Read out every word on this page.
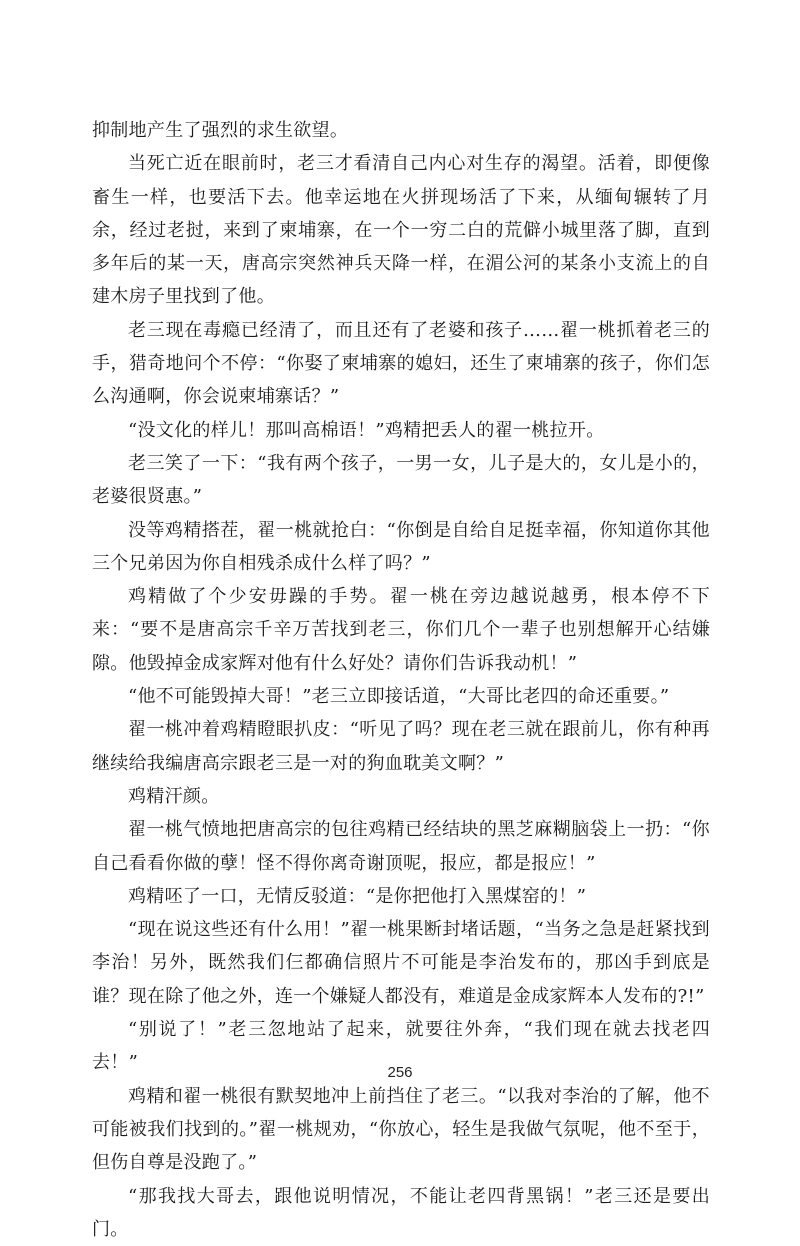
抑制地产生了强烈的求生欲望。

当死亡近在眼前时，老三才看清自己内心对生存的渴望。活着，即便像畜生一样，也要活下去。他幸运地在火拼现场活了下来，从缅甸辗转了月余，经过老挝，来到了柬埔寨，在一个一穷二白的荒僻小城里落了脚，直到多年后的某一天，唐高宗突然神兵天降一样，在湄公河的某条小支流上的自建木房子里找到了他。

老三现在毒瘾已经清了，而且还有了老婆和孩子……翟一桃抓着老三的手，猎奇地问个不停：“你娶了柬埔寨的媳妇，还生了柬埔寨的孩子，你们怎么沟通啊，你会说柬埔寨话？”

“没文化的样儿！那叫高棉语！”鸡精把丢人的翟一桃拉开。

老三笑了一下：“我有两个孩子，一男一女，儿子是大的，女儿是小的，老婆很贤惠。”

没等鸡精搭茬，翟一桃就抢白：“你倒是自给自足挺幸福，你知道你其他三个兄弟因为你自相残杀成什么样了吗？”

鸡精做了个少安毋躁的手势。翟一桃在旁边越说越勇，根本停不下来：“要不是唐高宗千辛万苦找到老三，你们几个一辈子也别想解开心结嫌隙。他毁掉金成家辉对他有什么好处？请你们告诉我动机！”

“他不可能毁掉大哥！”老三立即接话道，“大哥比老四的命还重要。”

翟一桃冲着鸡精瞪眼扒皮：“听见了吗？现在老三就在跟前儿，你有种再继续给我编唐高宗跟老三是一对的狗血耽美文啊？”

鸡精汗颜。

翟一桃气愤地把唐高宗的包往鸡精已经结块的黑芝麻糊脑袋上一扔：“你自己看看你做的孽！怪不得你离奇谢顶呢，报应，都是报应！”

鸡精呸了一口，无情反驳道：“是你把他打入黑煤窑的！”

“现在说这些还有什么用！”翟一桃果断封堵话题，“当务之急是赶紧找到李治！另外，既然我们仨都确信照片不可能是李治发布的，那凶手到底是谁？现在除了他之外，连一个嫌疑人都没有，难道是金成家辉本人发布的?!”

“别说了！”老三忽地站了起来，就要往外奔，“我们现在就去找老四去！”

鸡精和翟一桃很有默契地冲上前挡住了老三。“以我对李治的了解，他不可能被我们找到的。”翟一桃规劝，“你放心，轻生是我做气氛呢，他不至于，但伤自尊是没跑了。”

“那我找大哥去，跟他说明情况，不能让老四背黑锅！”老三还是要出门。

256
